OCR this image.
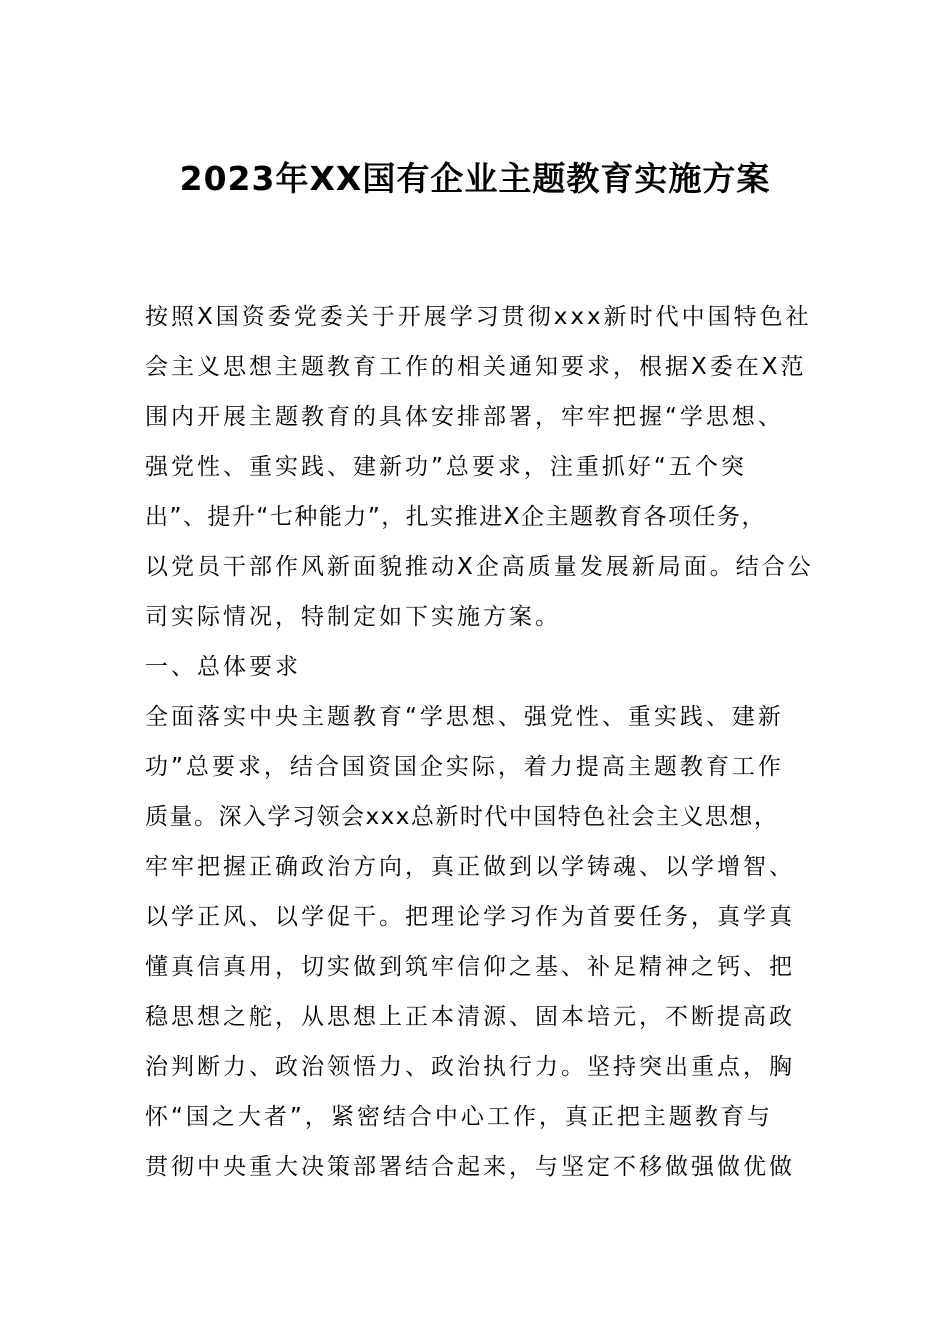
2023年XX国有企业主题教育实施方案

按照X国资委党委关于开展学习贯彻xxx新时代中国特色社

会主义思想主题教育工作的相关通知要求，根据X委在X范

围内开展主题教育的具体安排部署，牢牢把握“学思想、

强党性、重实践、建新功”总要求，注重抓好“五个突

出”、提升“七种能力”，扎实推进X企主题教育各项任务，

以党员干部作风新面貌推动X企高质量发展新局面。结合公

司实际情况，特制定如下实施方案。

一、总体要求

全面落实中央主题教育“学思想、强党性、重实践、建新

功”总要求，结合国资国企实际，着力提高主题教育工作

质量。深入学习领会xxx总新时代中国特色社会主义思想，

牢牢把握正确政治方向，真正做到以学铸魂、以学增智、

以学正风、以学促干。把理论学习作为首要任务，真学真

懂真信真用，切实做到筑牢信仰之基、补足精神之钙、把

稳思想之舵，从思想上正本清源、固本培元，不断提高政

治判断力、政治领悟力、政治执行力。坚持突出重点，胸

怀“国之大者”，紧密结合中心工作，真正把主题教育与

贯彻中央重大决策部署结合起来，与坚定不移做强做优做
